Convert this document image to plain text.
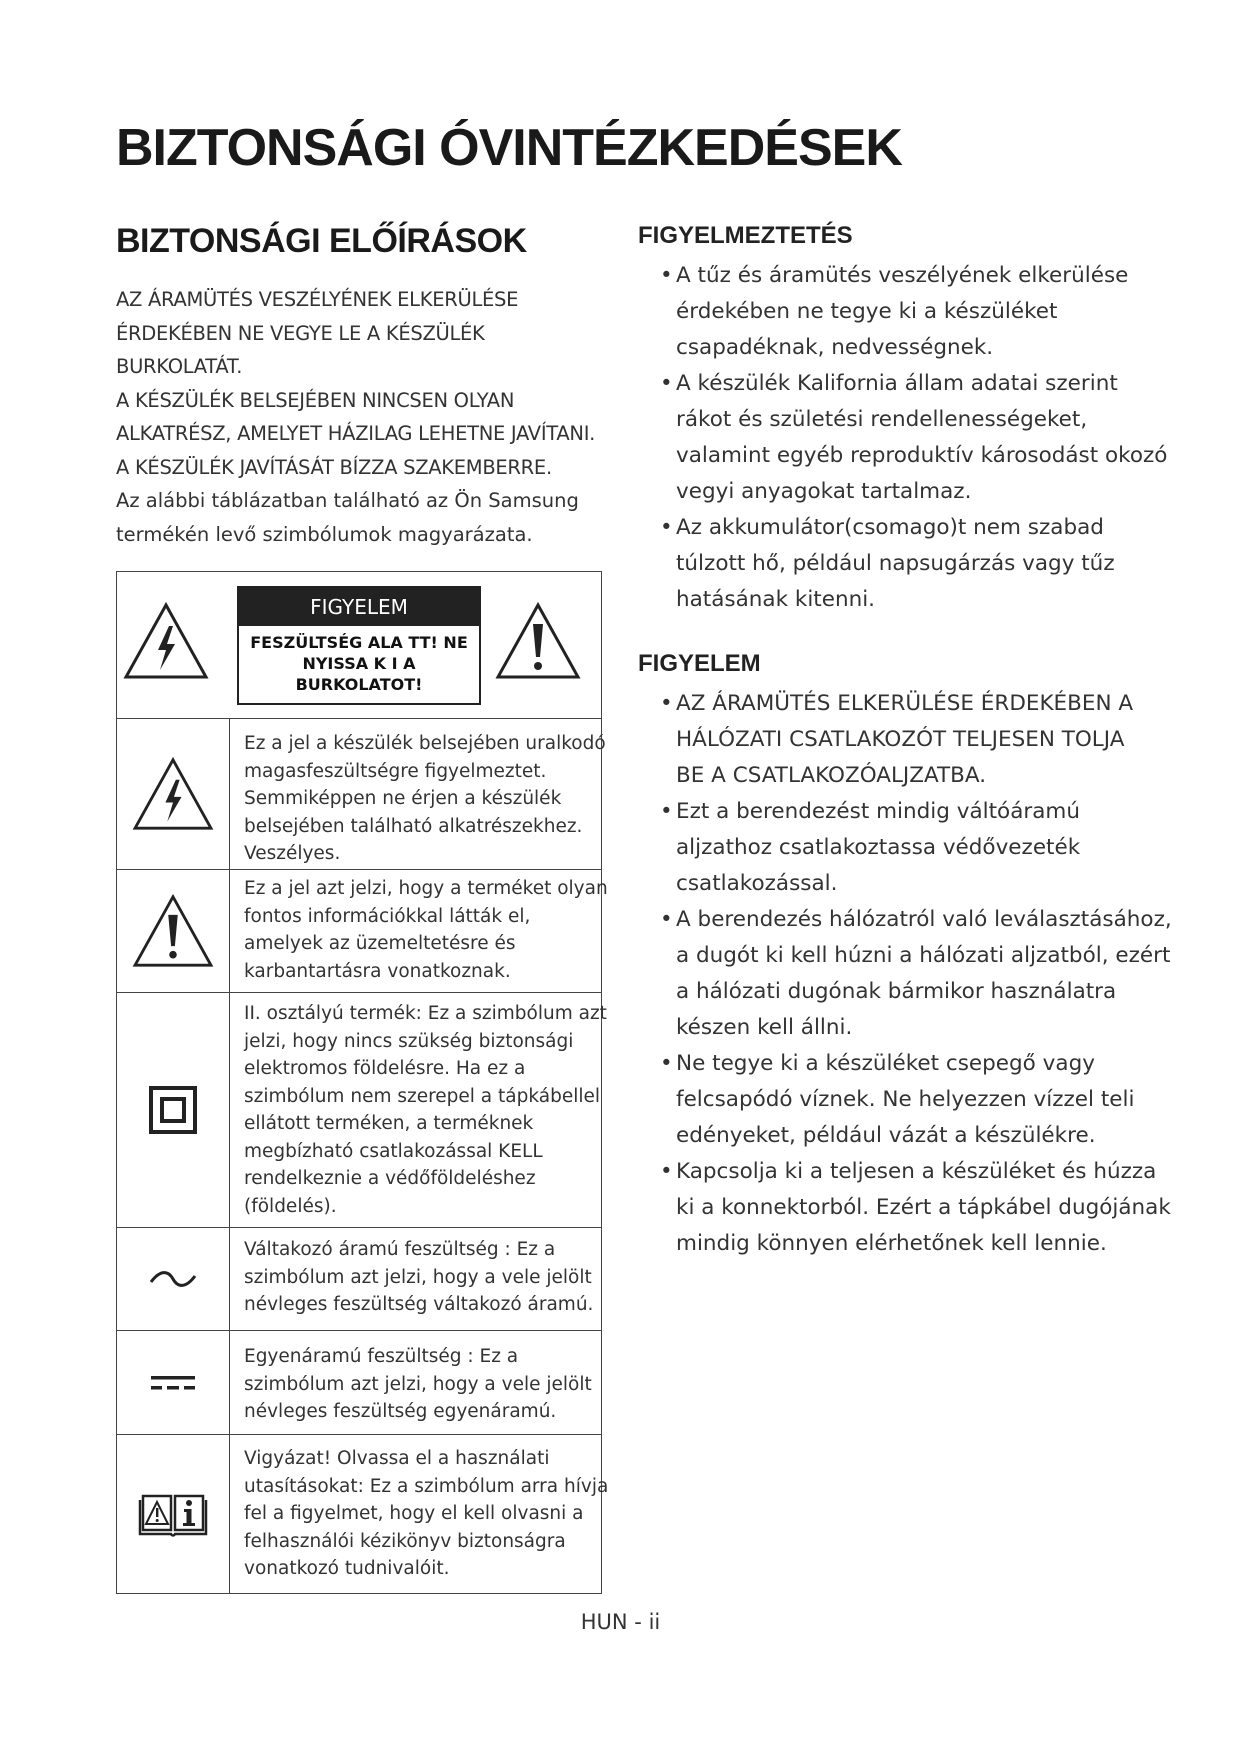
BIZTONSÁGI ÓVINTÉZKEDÉSEK
BIZTONSÁGI ELŐÍRÁSOK
AZ ÁRAMÜTÉS VESZÉLYÉNEK ELKERÜLÉSE
ÉRDEKÉBEN NE VEGYE LE A KÉSZÜLÉK
BURKOLATÁT.
A KÉSZÜLÉK BELSEJÉBEN NINCSEN OLYAN
ALKATRÉSZ, AMELYET HÁZILAG LEHETNE JAVÍTANI.
A KÉSZÜLÉK JAVÍTÁSÁT BÍZZA SZAKEMBERRE.
Az alábbi táblázatban található az Ön Samsung
termékén levő szimbólumok magyarázata.
FIGYELEM
FESZÜLTSÉG ALA TT! NE
NYISSA K I A
BURKOLATOT!
Ez a jel a készülék belsejében uralkodó
magasfeszültségre figyelmeztet.
Semmiképpen ne érjen a készülék
belsejében található alkatrészekhez.
Veszélyes.
Ez a jel azt jelzi, hogy a terméket olyan
fontos információkkal látták el,
amelyek az üzemeltetésre és
karbantartásra vonatkoznak.
II. osztályú termék: Ez a szimbólum azt
jelzi, hogy nincs szükség biztonsági
elektromos földelésre. Ha ez a
szimbólum nem szerepel a tápkábellel
ellátott terméken, a terméknek
megbízható csatlakozással KELL
rendelkeznie a védőföldeléshez
(földelés).
Váltakozó áramú feszültség : Ez a
szimbólum azt jelzi, hogy a vele jelölt
névleges feszültség váltakozó áramú.
Egyenáramú feszültség : Ez a
szimbólum azt jelzi, hogy a vele jelölt
névleges feszültség egyenáramú.
Vigyázat! Olvassa el a használati
utasításokat: Ez a szimbólum arra hívja
fel a figyelmet, hogy el kell olvasni a
felhasználói kézikönyv biztonságra
vonatkozó tudnivalóit.
FIGYELMEZTETÉS
• A tűz és áramütés veszélyének elkerülése
érdekében ne tegye ki a készüléket
csapadéknak, nedvességnek.
• A készülék Kalifornia állam adatai szerint
rákot és születési rendellenességeket,
valamint egyéb reproduktív károsodást okozó
vegyi anyagokat tartalmaz.
• Az akkumulátor(csomago)t nem szabad
túlzott hő, például napsugárzás vagy tűz
hatásának kitenni.
FIGYELEM
• AZ ÁRAMÜTÉS ELKERÜLÉSE ÉRDEKÉBEN A
HÁLÓZATI CSATLAKOZÓT TELJESEN TOLJA
BE A CSATLAKOZÓALJZATBA.
• Ezt a berendezést mindig váltóáramú
aljzathoz csatlakoztassa védővezeték
csatlakozással.
• A berendezés hálózatról való leválasztásához,
a dugót ki kell húzni a hálózati aljzatból, ezért
a hálózati dugónak bármikor használatra
készen kell állni.
• Ne tegye ki a készüléket csepegő vagy
felcsapódó víznek. Ne helyezzen vízzel teli
edényeket, például vázát a készülékre.
• Kapcsolja ki a teljesen a készüléket és húzza
ki a konnektorból. Ezért a tápkábel dugójának
mindig könnyen elérhetőnek kell lennie.
HUN - ii
